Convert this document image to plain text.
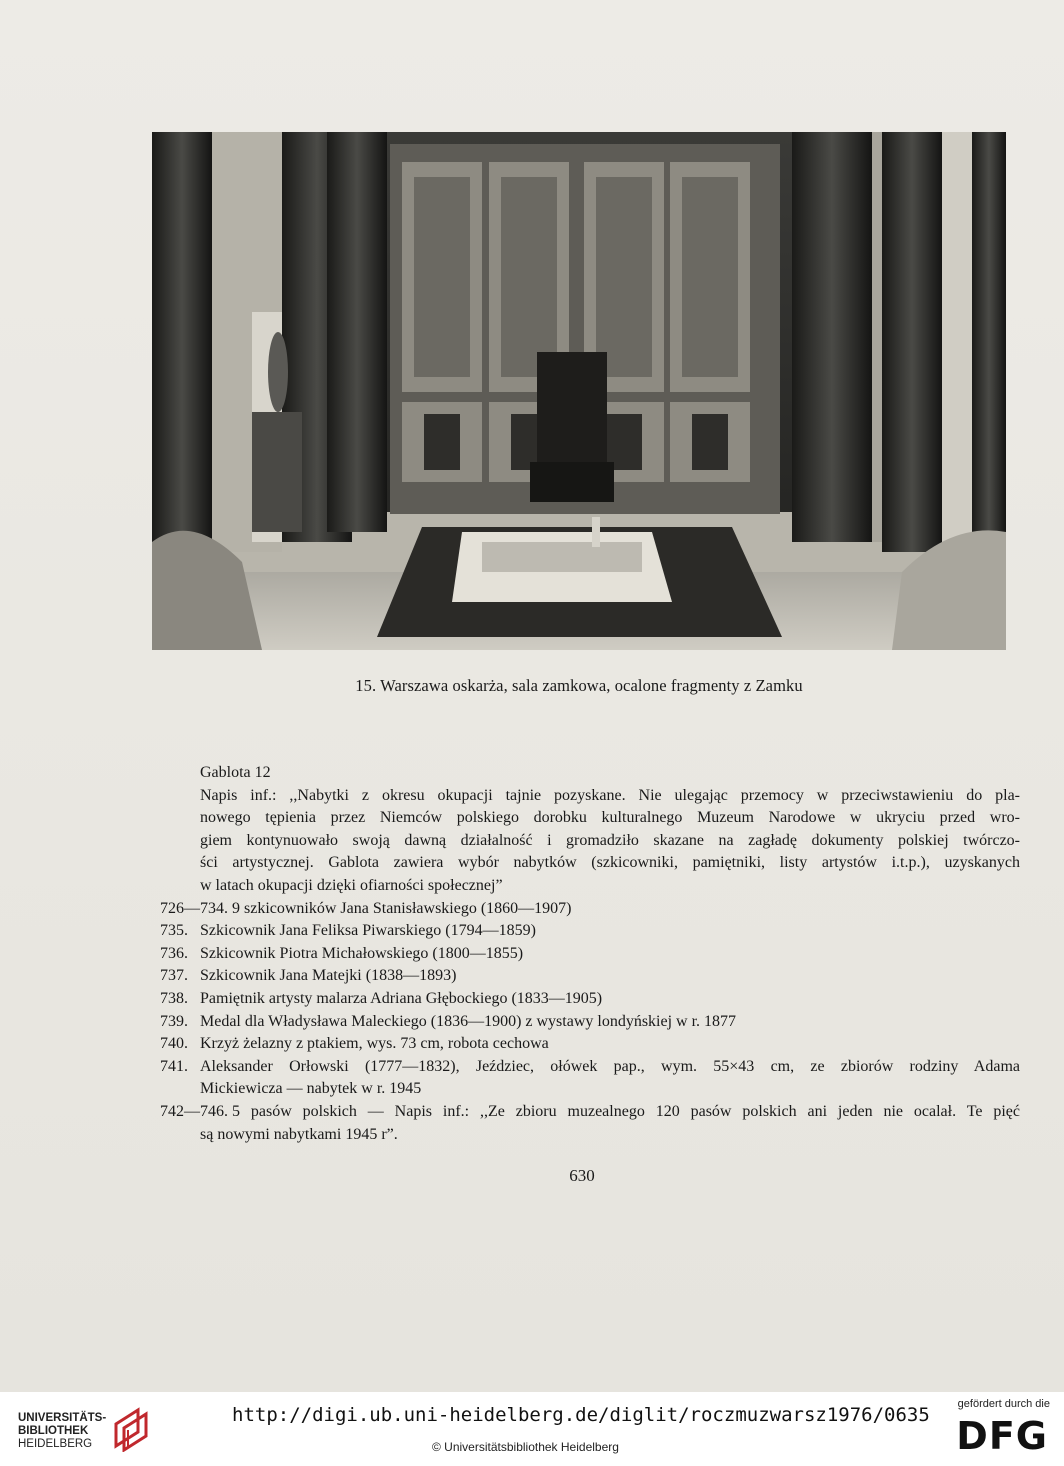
15. Warszawa oskarża, sala zamkowa, ocalone fragmenty z Zamku
Gablota 12
Napis inf.: ,,Nabytki z okresu okupacji tajnie pozyskane. Nie ulegając przemocy w przeciwstawieniu do pla-
nowego tępienia przez Niemców polskiego dorobku kulturalnego Muzeum Narodowe w ukryciu przed wro-
giem kontynuowało swoją dawną działalność i gromadziło skazane na zagładę dokumenty polskiej twórczo-
ści artystycznej. Gablota zawiera wybór nabytków (szkicowniki, pamiętniki, listy artystów i.t.p.), uzyskanych
w latach okupacji dzięki ofiarności społecznej”
726—734.
9 szkicowników Jana Stanisławskiego (1860—1907)
735. Szkicownik Jana Feliksa Piwarskiego (1794—1859)
736. Szkicownik Piotra Michałowskiego (1800—1855)
737. Szkicownik Jana Matejki (1838—1893)
738. Pamiętnik artysty malarza Adriana Głębockiego (1833—1905)
739. Medal dla Władysława Maleckiego (1836—1900) z wystawy londyńskiej w r. 1877
740. Krzyż żelazny z ptakiem, wys. 73 cm, robota cechowa
741. Aleksander Orłowski (1777—1832), Jeździec, ołówek pap., wym. 55×43 cm, ze zbiorów rodziny Adama
Mickiewicza — nabytek w r. 1945
742—746.
5 pasów polskich — Napis inf.: ,,Ze zbioru muzealnego 120 pasów polskich ani jeden nie ocalał. Te pięć
są nowymi nabytkami 1945 r”.
630
UNIVERSITÄTS-
BIBLIOTHEK
HEIDELBERG
http://digi.ub.uni-heidelberg.de/diglit/roczmuzwarsz1976/0635
© Universitätsbibliothek Heidelberg
gefördert durch die
DFG
